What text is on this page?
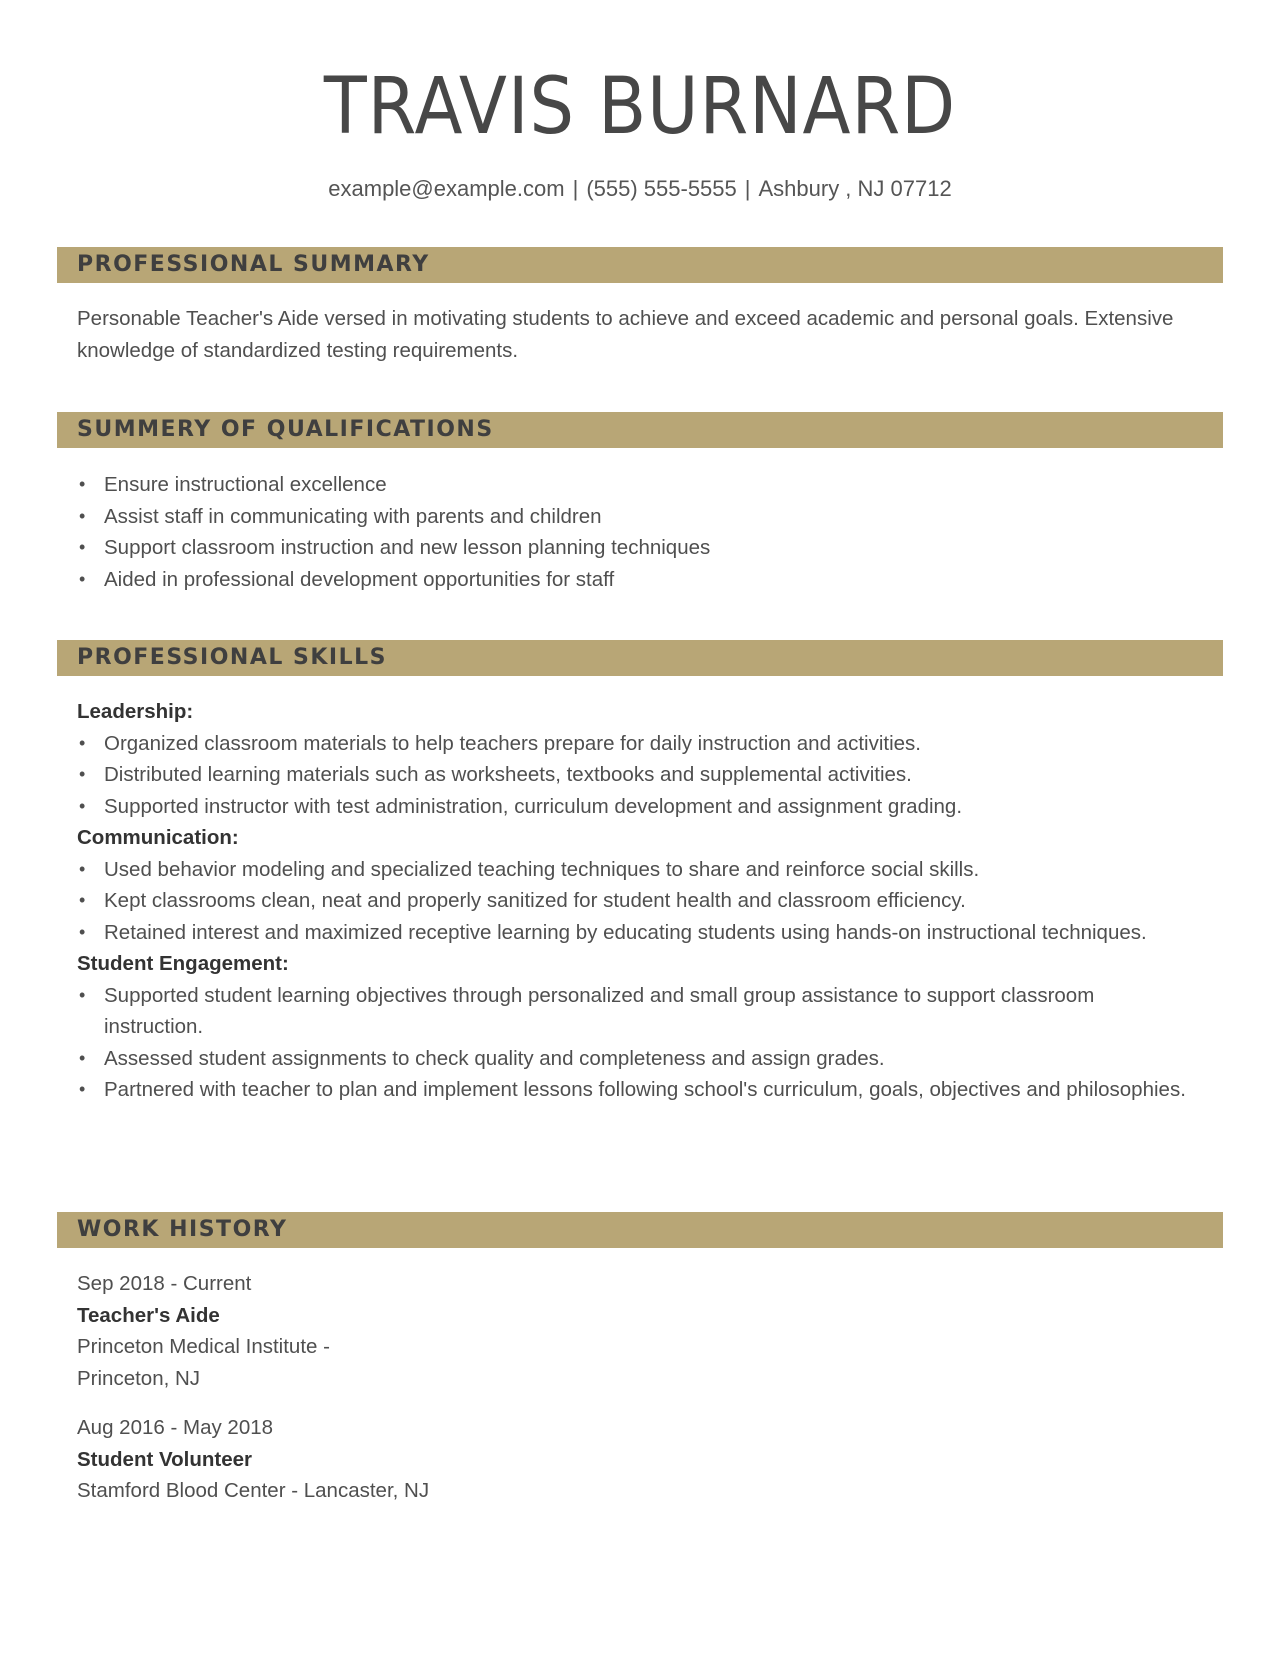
TRAVIS BURNARD
example@example.com | (555) 555-5555 | Ashbury , NJ 07712
PROFESSIONAL SUMMARY

Personable Teacher's Aide versed in motivating students to achieve and exceed academic and personal goals. Extensive knowledge of standardized testing requirements.

SUMMERY OF QUALIFICATIONS
• Ensure instructional excellence
• Assist staff in communicating with parents and children
• Support classroom instruction and new lesson planning techniques
• Aided in professional development opportunities for staff
PROFESSIONAL SKILLS
Leadership:
• Organized classroom materials to help teachers prepare for daily instruction and activities.
• Distributed learning materials such as worksheets, textbooks and supplemental activities.
• Supported instructor with test administration, curriculum development and assignment grading.
Communication:
• Used behavior modeling and specialized teaching techniques to share and reinforce social skills.
• Kept classrooms clean, neat and properly sanitized for student health and classroom efficiency.
• Retained interest and maximized receptive learning by educating students using hands-on instructional techniques.
Student Engagement:
• Supported student learning objectives through personalized and small group assistance to support classroom instruction.
• Assessed student assignments to check quality and completeness and assign grades.
• Partnered with teacher to plan and implement lessons following school's curriculum, goals, objectives and philosophies.
WORK HISTORY
Sep 2018 - Current
Teacher's Aide
Princeton Medical Institute - Princeton, NJ
Aug 2016 - May 2018
Student Volunteer
Stamford Blood Center - Lancaster, NJ
